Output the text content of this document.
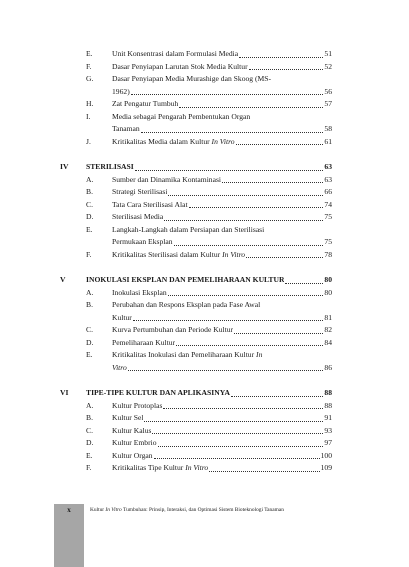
E.	Unit Konsentrasi dalam Formulasi Media	51
F.	Dasar Penyiapan Larutan Stok Media Kultur	52
G.	Dasar Penyiapan Media Murashige dan Skoog (MS-
1962)	56
H.	Zat Pengatur Tumbuh	57
I.	Media sebagai Pengarah Pembentukan Organ
Tanaman	58
J.	Kritikalitas Media dalam Kultur In Vitro	61
IV	STERILISASI	63
A.	Sumber dan Dinamika Kontaminasi	63
B.	Strategi Sterilisasi	66
C.	Tata Cara Sterilisasi Alat	74
D.	Sterilisasi Media	75
E.	Langkah-Langkah dalam Persiapan dan Sterilisasi
Permukaan Eksplan	75
F.	Kritikalitas Sterilisasi dalam Kultur In Vitro	78
V	INOKULASI EKSPLAN DAN PEMELIHARAAN KULTUR	80
A.	Inokulasi Eksplan	80
B.	Perubahan dan Respons Eksplan pada Fase Awal
Kultur	81
C.	Kurva Pertumbuhan dan Periode Kultur	82
D.	Pemeliharaan Kultur	84
E.	Kritikalitas Inokulasi dan Pemeliharaan Kultur In
Vitro	86
VI	TIPE-TIPE KULTUR DAN APLIKASINYA	88
A.	Kultur Protoplas	88
B.	Kultur Sel	91
C.	Kultur Kalus	93
D.	Kultur Embrio	97
E.	Kultur Organ	100
F.	Kritikalitas Tipe Kultur In Vitro	109
x	Kultur In Vitro Tumbuhan: Prinsip, Interaksi, dan Optimasi Sistem Bioteknologi Tanaman
